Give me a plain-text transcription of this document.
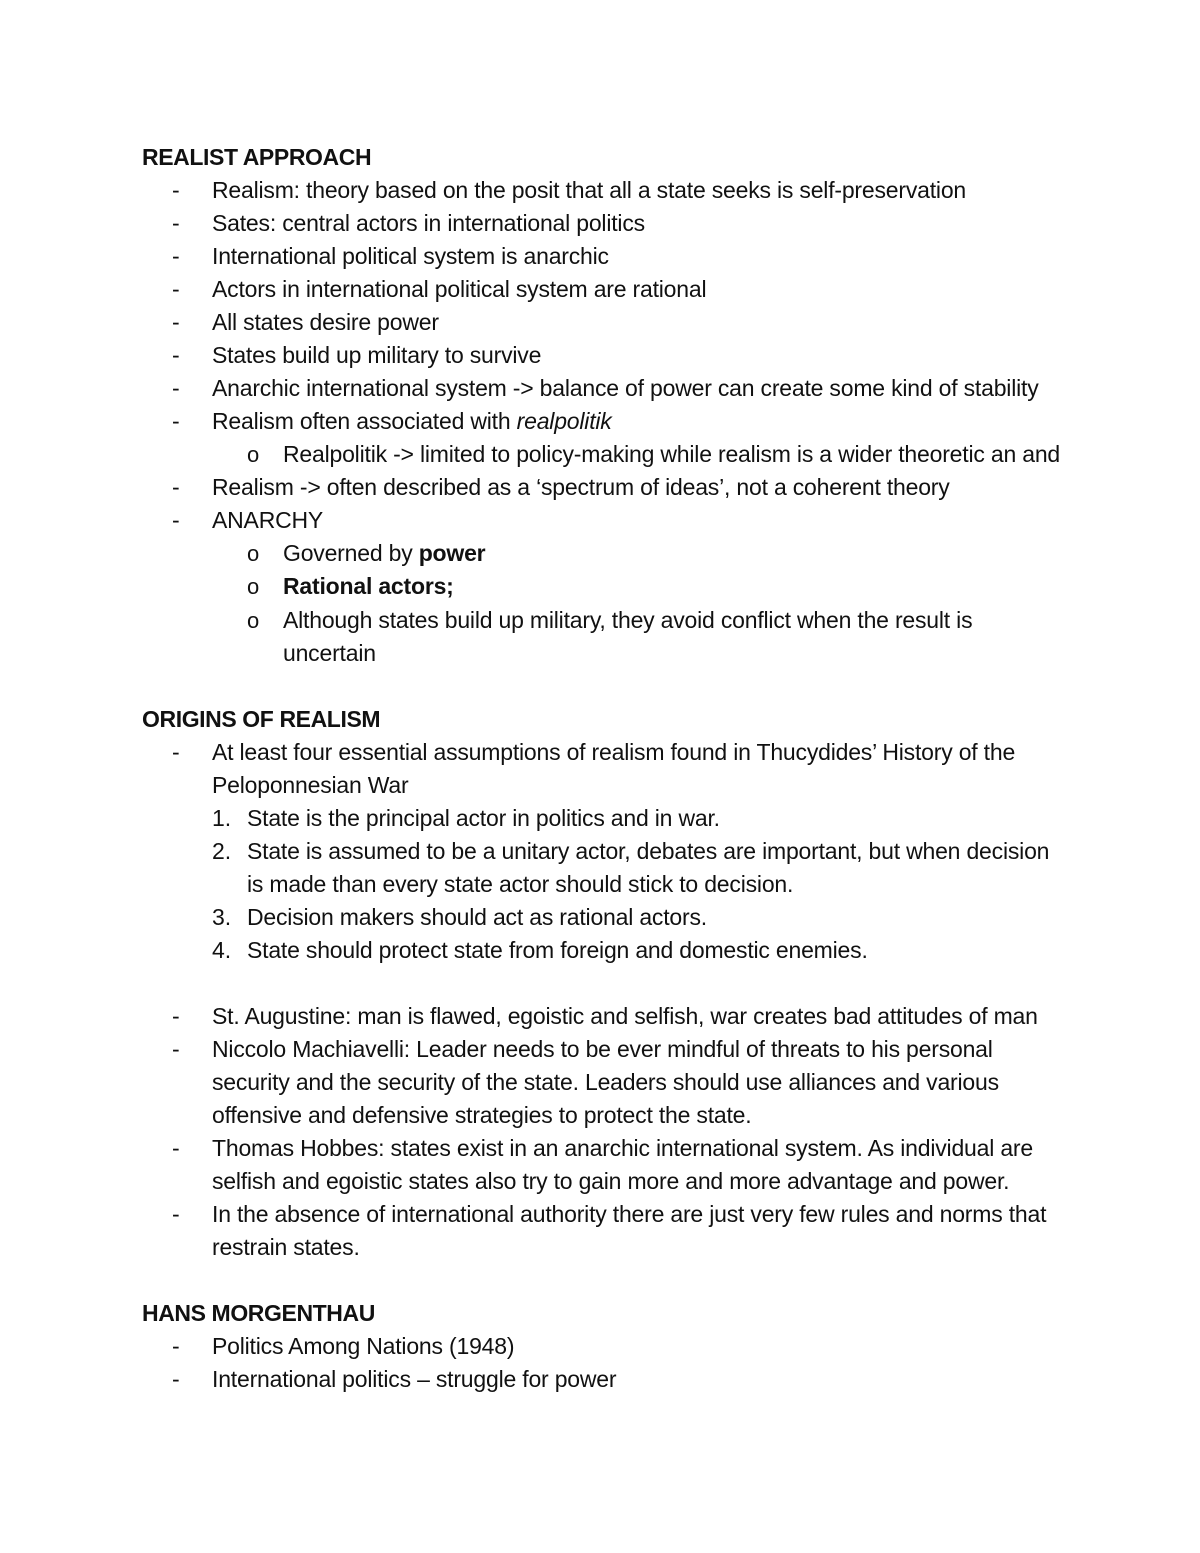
REALIST APPROACH
- Realism: theory based on the posit that all a state seeks is self-preservation
- Sates: central actors in international politics
- International political system is anarchic
- Actors in international political system are rational
- All states desire power
- States build up military to survive
- Anarchic international system -> balance of power can create some kind of stability
- Realism often associated with realpolitik
o Realpolitik -> limited to policy-making while realism is a wider theoretic an and
- Realism -> often described as a ‘spectrum of ideas’, not a coherent theory
- ANARCHY
o Governed by power
o Rational actors;
o Although states build up military, they avoid conflict when the result is
uncertain
ORIGINS OF REALISM
- At least four essential assumptions of realism found in Thucydides’ History of the
Peloponnesian War
1. State is the principal actor in politics and in war.
2. State is assumed to be a unitary actor, debates are important, but when decision
is made than every state actor should stick to decision.
3. Decision makers should act as rational actors.
4. State should protect state from foreign and domestic enemies.
- St. Augustine: man is flawed, egoistic and selfish, war creates bad attitudes of man
- Niccolo Machiavelli: Leader needs to be ever mindful of threats to his personal
security and the security of the state. Leaders should use alliances and various
offensive and defensive strategies to protect the state.
- Thomas Hobbes: states exist in an anarchic international system. As individual are
selfish and egoistic states also try to gain more and more advantage and power.
- In the absence of international authority there are just very few rules and norms that
restrain states.
HANS MORGENTHAU
- Politics Among Nations (1948)
- International politics – struggle for power
